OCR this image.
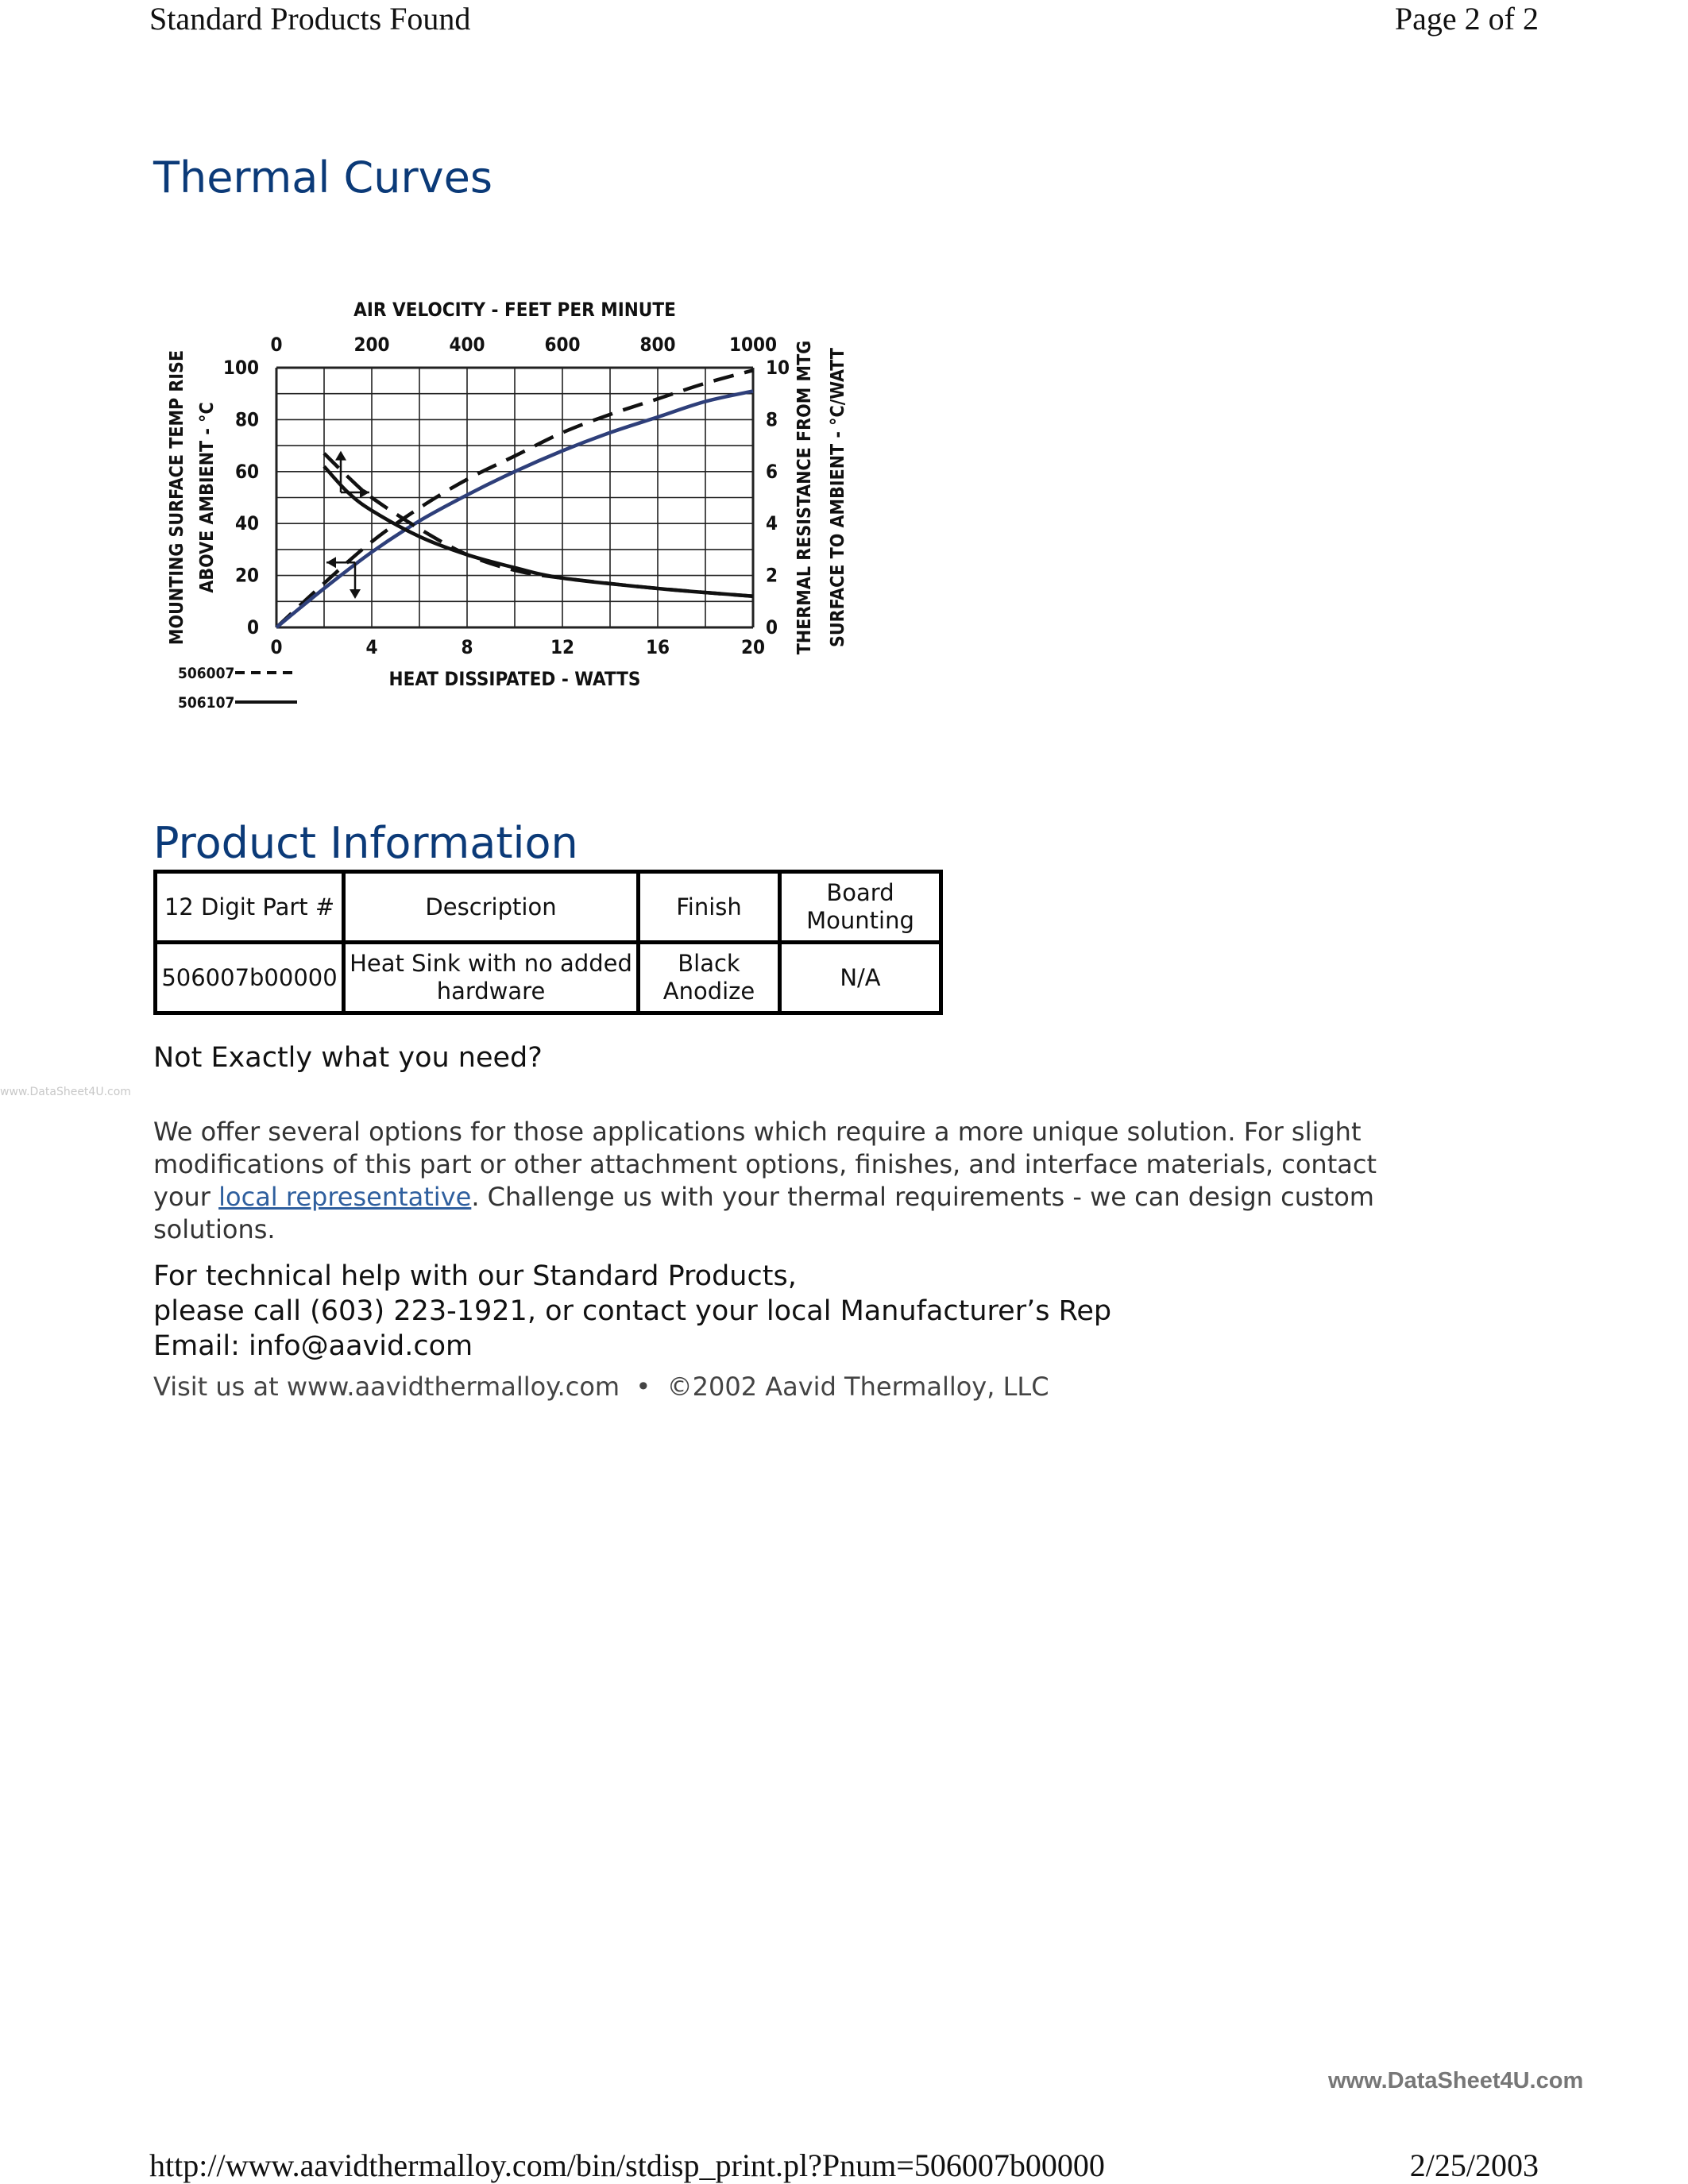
Standard Products Found	Page 2 of 2
Thermal Curves
AIR VELOCITY - FEET PER MINUTE
0	200	400	600	800	1000
0	4	8	12	16	20
HEAT DISSIPATED - WATTS
0
20
40
60
80
100
0
2
4
6
8
10
MOUNTING SURFACE TEMP RISE ABOVE AMBIENT - °C	THERMAL RESISTANCE FROM MTG SURFACE TO AMBIENT - °C/WATT
506007
506107
Product Information
12 Digit Part #	Description	Finish	Board Mounting
506007b00000	Heat Sink with no added hardware	Black Anodize	N/A
www.DataSheet4U.com
Not Exactly what you need?
We offer several options for those applications which require a more unique solution. For slight modifications of this part or other attachment options, finishes, and interface materials, contact your local representative. Challenge us with your thermal requirements - we can design custom solutions.
For technical help with our Standard Products,
please call (603) 223-1921, or contact your local Manufacturer’s Rep
Email: info@aavid.com
Visit us at www.aavidthermalloy.com  •  ©2002 Aavid Thermalloy, LLC
www.DataSheet4U.com
http://www.aavidthermalloy.com/bin/stdisp_print.pl?Pnum=506007b00000	2/25/2003
